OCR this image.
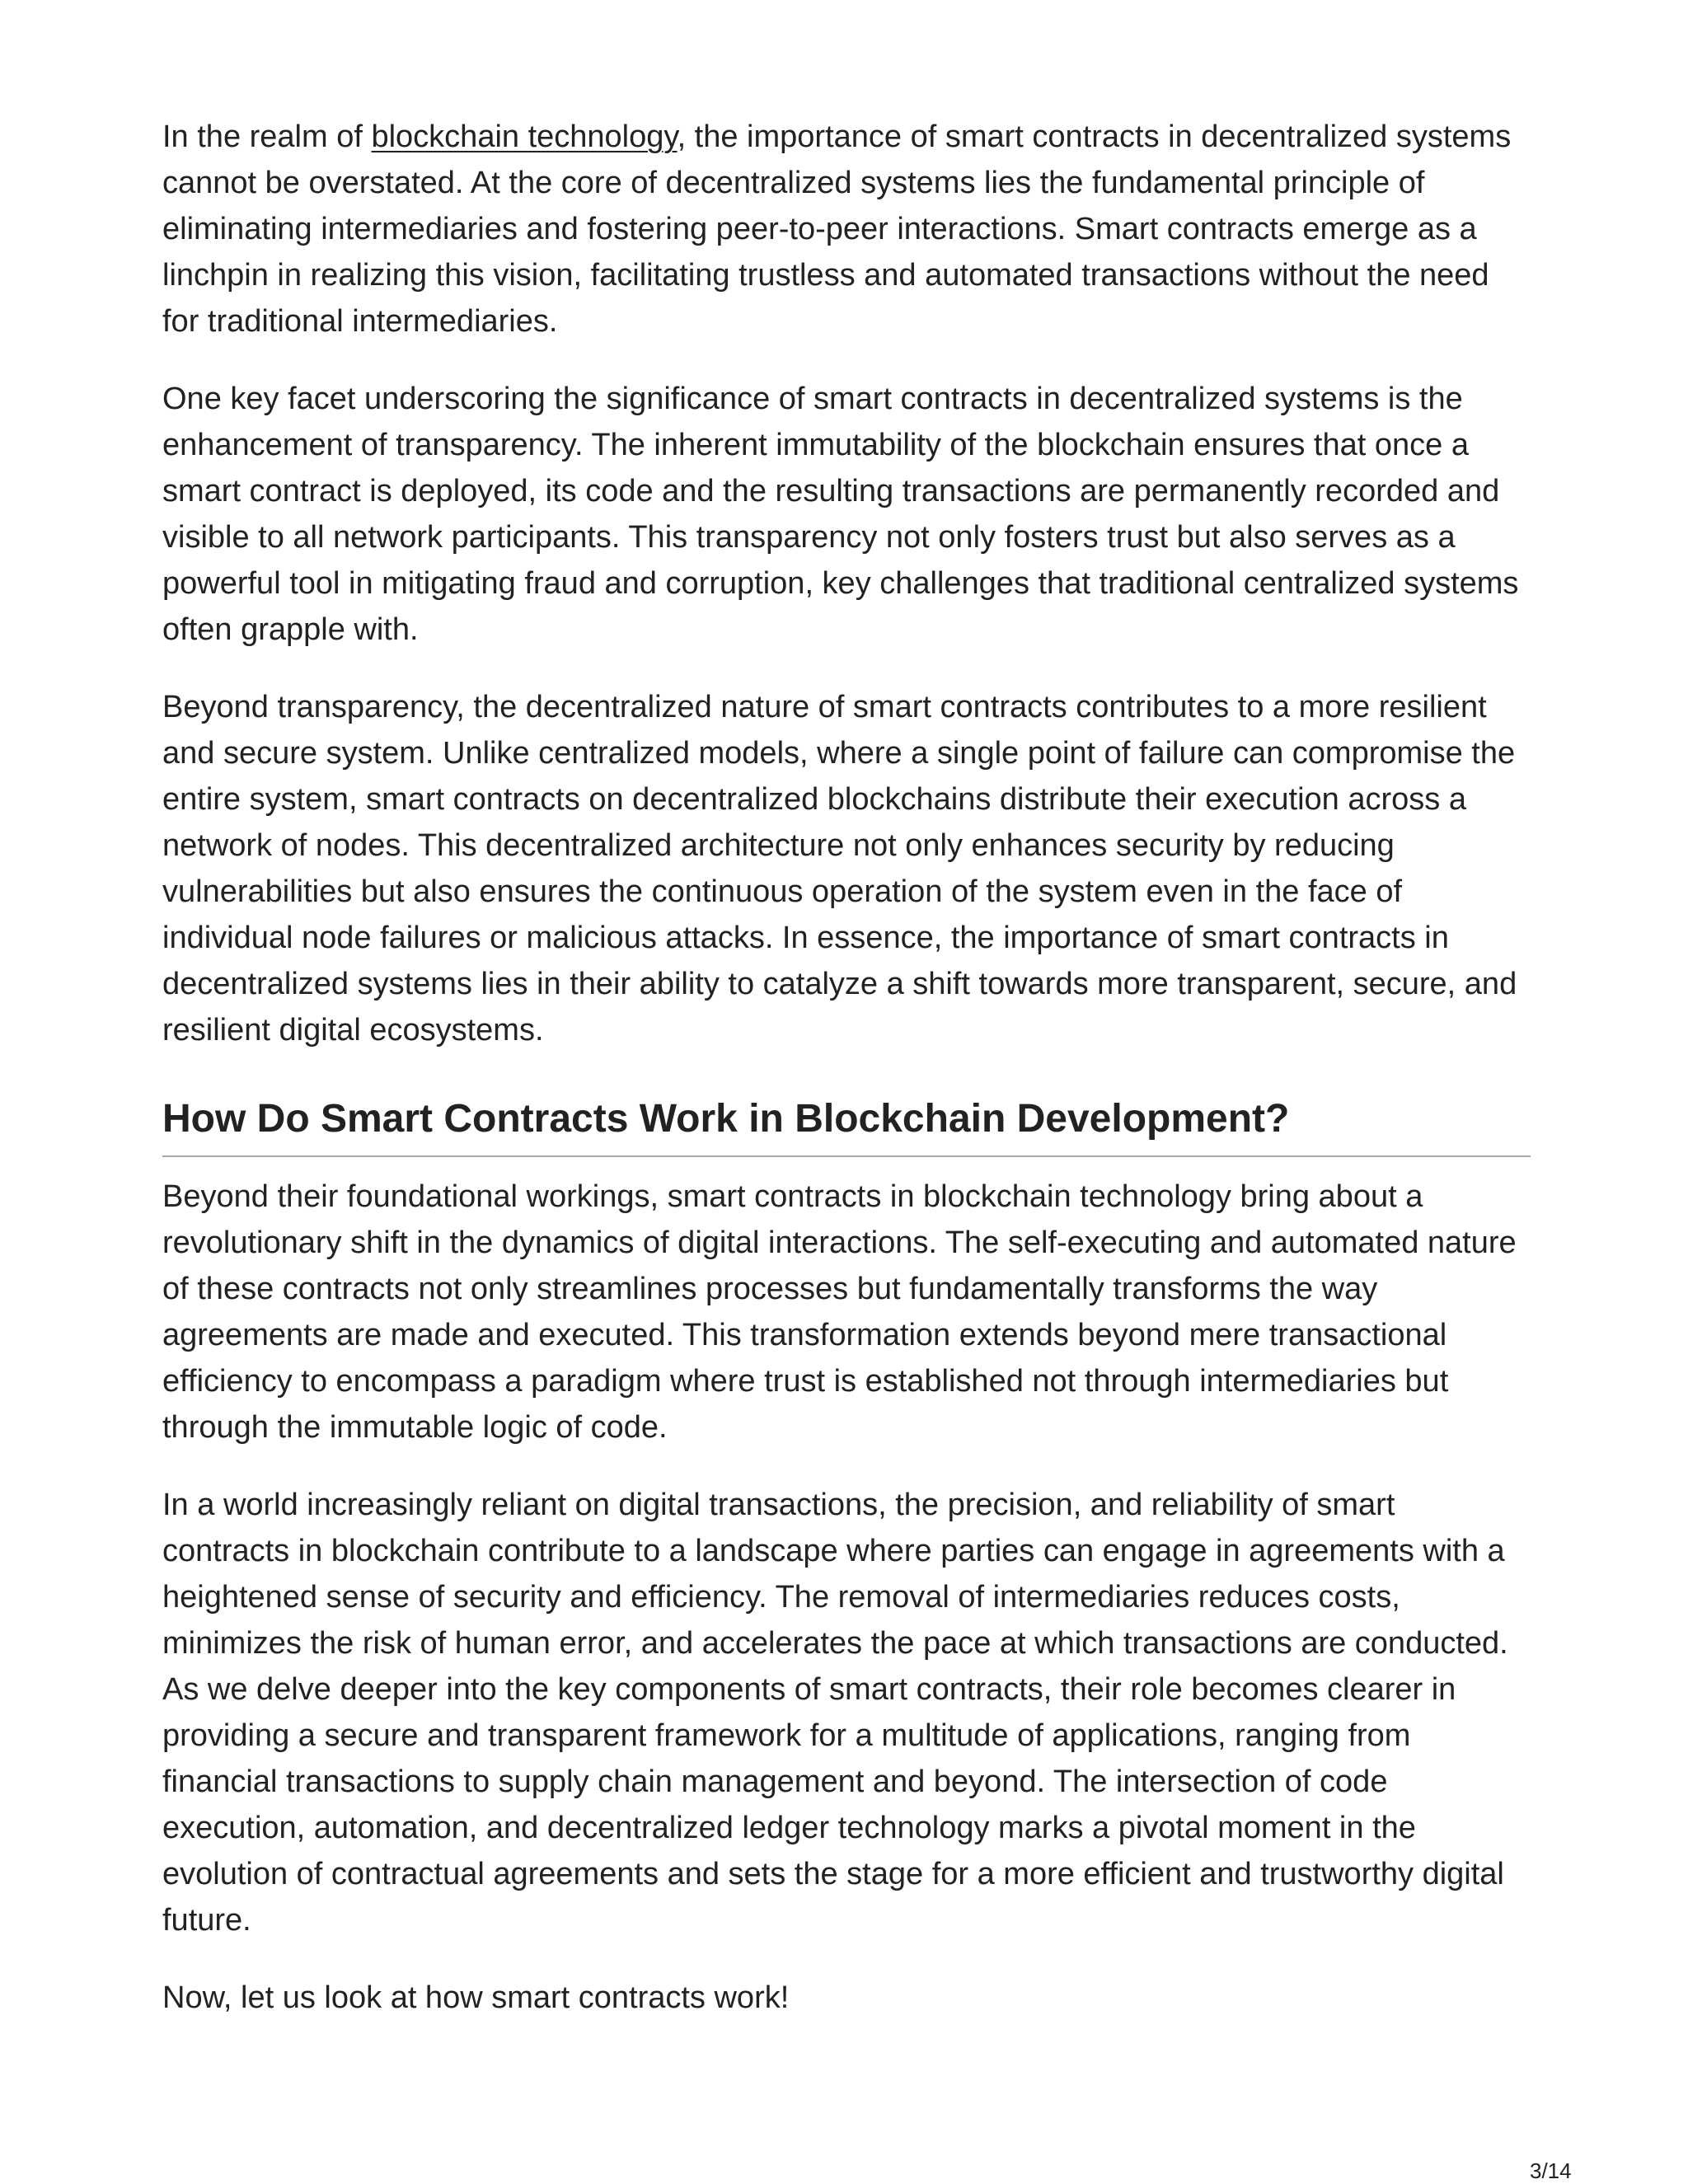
In the realm of blockchain technology, the importance of smart contracts in decentralized systems cannot be overstated. At the core of decentralized systems lies the fundamental principle of eliminating intermediaries and fostering peer-to-peer interactions. Smart contracts emerge as a linchpin in realizing this vision, facilitating trustless and automated transactions without the need for traditional intermediaries.

One key facet underscoring the significance of smart contracts in decentralized systems is the enhancement of transparency. The inherent immutability of the blockchain ensures that once a smart contract is deployed, its code and the resulting transactions are permanently recorded and visible to all network participants. This transparency not only fosters trust but also serves as a powerful tool in mitigating fraud and corruption, key challenges that traditional centralized systems often grapple with.

Beyond transparency, the decentralized nature of smart contracts contributes to a more resilient and secure system. Unlike centralized models, where a single point of failure can compromise the entire system, smart contracts on decentralized blockchains distribute their execution across a network of nodes. This decentralized architecture not only enhances security by reducing vulnerabilities but also ensures the continuous operation of the system even in the face of individual node failures or malicious attacks. In essence, the importance of smart contracts in decentralized systems lies in their ability to catalyze a shift towards more transparent, secure, and resilient digital ecosystems.

How Do Smart Contracts Work in Blockchain Development?

Beyond their foundational workings, smart contracts in blockchain technology bring about a revolutionary shift in the dynamics of digital interactions. The self-executing and automated nature of these contracts not only streamlines processes but fundamentally transforms the way agreements are made and executed. This transformation extends beyond mere transactional efficiency to encompass a paradigm where trust is established not through intermediaries but through the immutable logic of code.

In a world increasingly reliant on digital transactions, the precision, and reliability of smart contracts in blockchain contribute to a landscape where parties can engage in agreements with a heightened sense of security and efficiency. The removal of intermediaries reduces costs, minimizes the risk of human error, and accelerates the pace at which transactions are conducted. As we delve deeper into the key components of smart contracts, their role becomes clearer in providing a secure and transparent framework for a multitude of applications, ranging from financial transactions to supply chain management and beyond. The intersection of code execution, automation, and decentralized ledger technology marks a pivotal moment in the evolution of contractual agreements and sets the stage for a more efficient and trustworthy digital future.

Now, let us look at how smart contracts work!

3/14
